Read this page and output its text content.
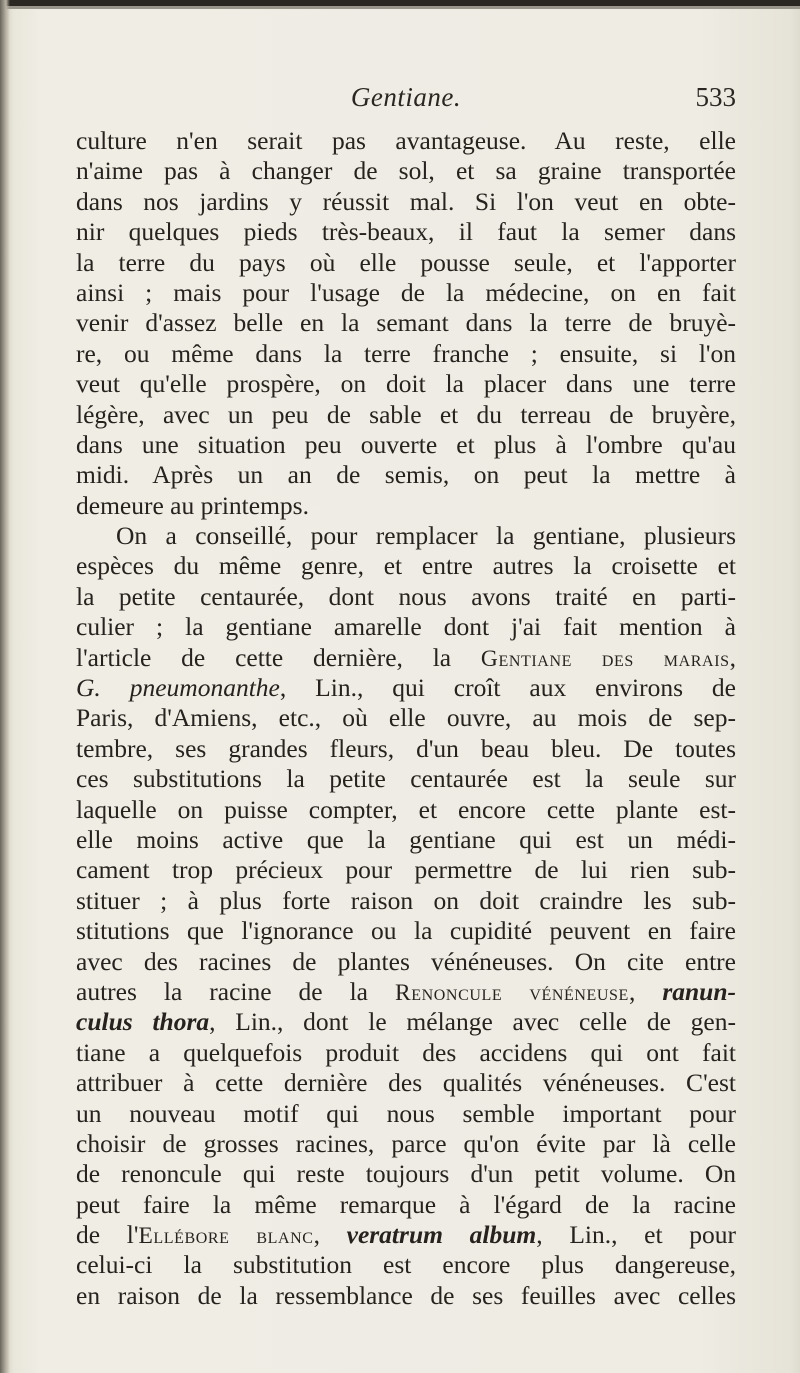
Gentiane.	533
culture n'en serait pas avantageuse. Au reste, elle
n'aime pas à changer de sol, et sa graine transportée
dans nos jardins y réussit mal. Si l'on veut en obte-
nir quelques pieds très-beaux, il faut la semer dans
la terre du pays où elle pousse seule, et l'apporter
ainsi ; mais pour l'usage de la médecine, on en fait
venir d'assez belle en la semant dans la terre de bruyè-
re, ou même dans la terre franche ; ensuite, si l'on
veut qu'elle prospère, on doit la placer dans une terre
légère, avec un peu de sable et du terreau de bruyère,
dans une situation peu ouverte et plus à l'ombre qu'au
midi. Après un an de semis, on peut la mettre à
demeure au printemps.
On a conseillé, pour remplacer la gentiane, plusieurs
espèces du même genre, et entre autres la croisette et
la petite centaurée, dont nous avons traité en parti-
culier ; la gentiane amarelle dont j'ai fait mention à
l'article de cette dernière, la Gentiane des marais,
G. pneumonanthe, Lin., qui croît aux environs de
Paris, d'Amiens, etc., où elle ouvre, au mois de sep-
tembre, ses grandes fleurs, d'un beau bleu. De toutes
ces substitutions la petite centaurée est la seule sur
laquelle on puisse compter, et encore cette plante est-
elle moins active que la gentiane qui est un médi-
cament trop précieux pour permettre de lui rien sub-
stituer ; à plus forte raison on doit craindre les sub-
stitutions que l'ignorance ou la cupidité peuvent en faire
avec des racines de plantes vénéneuses. On cite entre
autres la racine de la Renoncule vénéneuse, ranun-
culus thora, Lin., dont le mélange avec celle de gen-
tiane a quelquefois produit des accidens qui ont fait
attribuer à cette dernière des qualités vénéneuses. C'est
un nouveau motif qui nous semble important pour
choisir de grosses racines, parce qu'on évite par là celle
de renoncule qui reste toujours d'un petit volume. On
peut faire la même remarque à l'égard de la racine
de l'Ellébore blanc, veratrum album, Lin., et pour
celui-ci la substitution est encore plus dangereuse,
en raison de la ressemblance de ses feuilles avec celles
